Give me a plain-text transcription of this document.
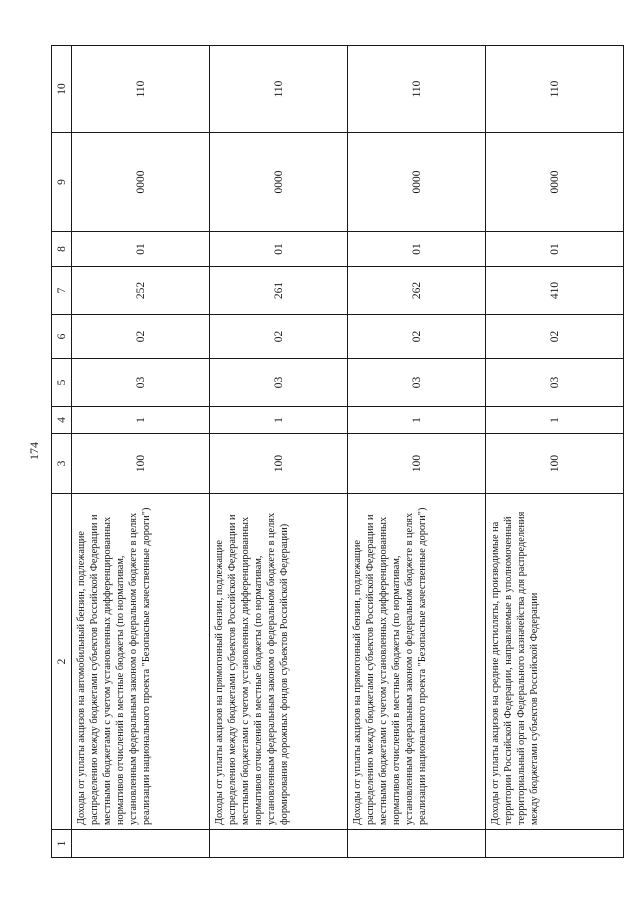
174
1	2	3	4	5	6	7	8	9	10
	Доходы от уплаты акцизов на автомобильный бензин, подлежащие распределению между бюджетами субъектов Российской Федерации и местными бюджетами с учетом установленных дифференцированных нормативов отчислений в местные бюджеты (по нормативам, установленным федеральным законом о федеральном бюджете в целях реализации национального проекта "Безопасные качественные дороги")	100	1	03	02	252	01	0000	110
	Доходы от уплаты акцизов на прямогонный бензин, подлежащие распределению между бюджетами субъектов Российской Федерации и местными бюджетами с учетом установленных дифференцированных нормативов отчислений в местные бюджеты (по нормативам, установленным федеральным законом о федеральном бюджете в целях формирования дорожных фондов субъектов Российской Федерации)	100	1	03	02	261	01	0000	110
	Доходы от уплаты акцизов на прямогонный бензин, подлежащие распределению между бюджетами субъектов Российской Федерации и местными бюджетами с учетом установленных дифференцированных нормативов отчислений в местные бюджеты (по нормативам, установленным федеральным законом о федеральном бюджете в целях реализации национального проекта "Безопасные качественные дороги")	100	1	03	02	262	01	0000	110
	Доходы от уплаты акцизов на средние дистилляты, производимые на территории Российской Федерации, направляемые в уполномоченный территориальный орган Федерального казначейства для распределения между бюджетами субъектов Российской Федерации	100	1	03	02	410	01	0000	110
